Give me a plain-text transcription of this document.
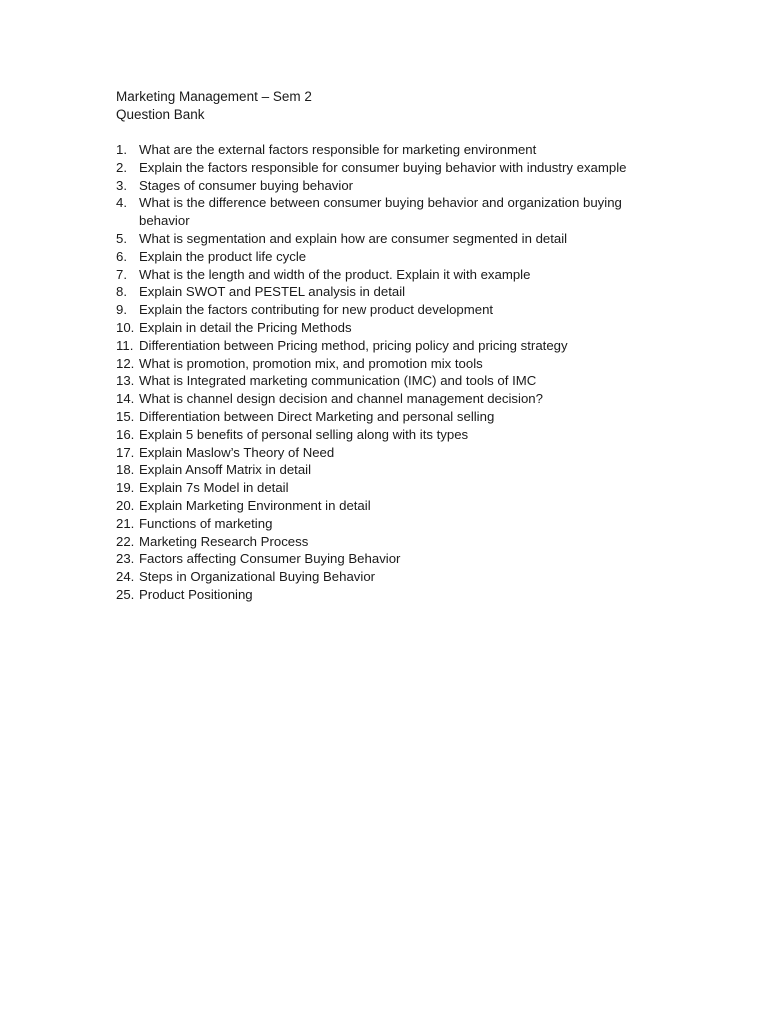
Marketing Management – Sem 2
Question Bank
1. What are the external factors responsible for marketing environment
2. Explain the factors responsible for consumer buying behavior with industry example
3. Stages of consumer buying behavior
4. What is the difference between consumer buying behavior and organization buying behavior
5. What is segmentation and explain how are consumer segmented in detail
6. Explain the product life cycle
7. What is the length and width of the product. Explain it with example
8. Explain SWOT and PESTEL analysis in detail
9. Explain the factors contributing for new product development
10. Explain in detail the Pricing Methods
11. Differentiation between Pricing method, pricing policy and pricing strategy
12. What is promotion, promotion mix, and promotion mix tools
13. What is Integrated marketing communication (IMC) and tools of IMC
14. What is channel design decision and channel management decision?
15. Differentiation between Direct Marketing and personal selling
16. Explain 5 benefits of personal selling along with its types
17. Explain Maslow’s Theory of Need
18. Explain Ansoff Matrix in detail
19. Explain 7s Model in detail
20. Explain Marketing Environment in detail
21. Functions of marketing
22. Marketing Research Process
23. Factors affecting Consumer Buying Behavior
24. Steps in Organizational Buying Behavior
25. Product Positioning
